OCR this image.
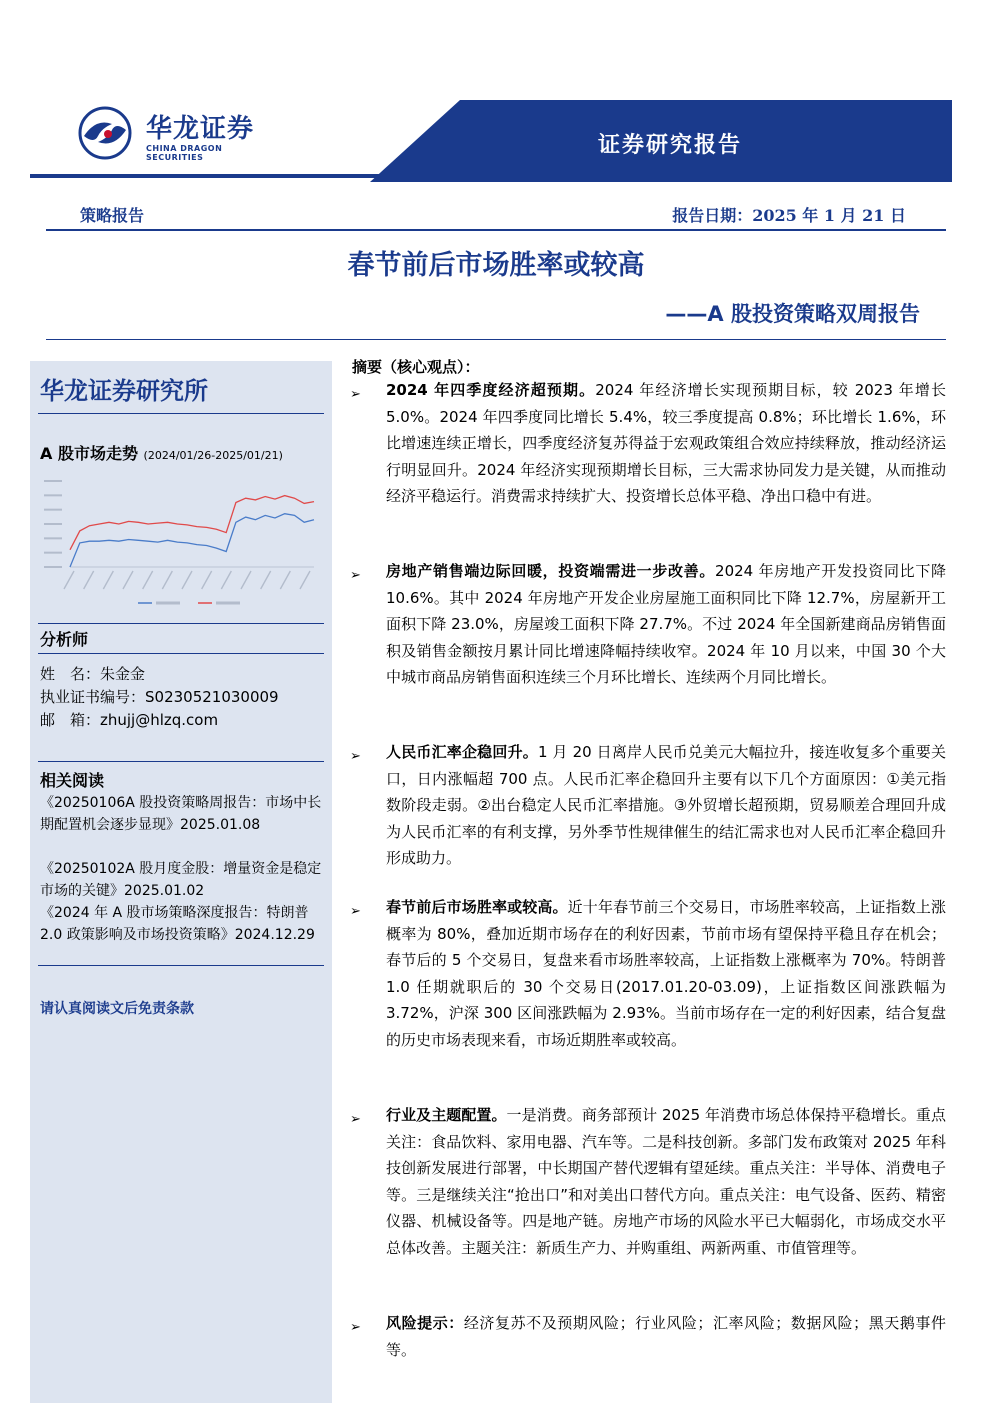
证券研究报告
华龙证券
CHINA DRAGON SECURITIES
策略报告	报告日期：2025 年 1 月 21 日
春节前后市场胜率或较高
——A 股投资策略双周报告
华龙证券研究所
A 股市场走势 (2024/01/26-2025/01/21)
分析师
姓　名：朱金金
执业证书编号：S0230521030009
邮　箱：zhujj@hlzq.com
相关阅读
《20250106A 股投资策略周报告：市场中长期配置机会逐步显现》2025.01.08
《20250102A 股月度金股：增量资金是稳定市场的关键》2025.01.02
《2024 年 A 股市场策略深度报告：特朗普 2.0 政策影响及市场投资策略》2024.12.29
请认真阅读文后免责条款
摘要（核心观点）：
➢ 2024 年四季度经济超预期。2024 年经济增长实现预期目标，较 2023 年增长 5.0%。2024 年四季度同比增长 5.4%，较三季度提高 0.8%；环比增长 1.6%，环比增速连续正增长，四季度经济复苏得益于宏观政策组合效应持续释放，推动经济运行明显回升。2024 年经济实现预期增长目标，三大需求协同发力是关键，从而推动经济平稳运行。消费需求持续扩大、投资增长总体平稳、净出口稳中有进。
➢ 房地产销售端边际回暖，投资端需进一步改善。2024 年房地产开发投资同比下降 10.6%。其中 2024 年房地产开发企业房屋施工面积同比下降 12.7%，房屋新开工面积下降 23.0%，房屋竣工面积下降 27.7%。不过 2024 年全国新建商品房销售面积及销售金额按月累计同比增速降幅持续收窄。2024 年 10 月以来，中国 30 个大中城市商品房销售面积连续三个月环比增长、连续两个月同比增长。
➢ 人民币汇率企稳回升。1 月 20 日离岸人民币兑美元大幅拉升，接连收复多个重要关口，日内涨幅超 700 点。人民币汇率企稳回升主要有以下几个方面原因：①美元指数阶段走弱。②出台稳定人民币汇率措施。③外贸增长超预期，贸易顺差合理回升成为人民币汇率的有利支撑，另外季节性规律催生的结汇需求也对人民币汇率企稳回升形成助力。
➢ 春节前后市场胜率或较高。近十年春节前三个交易日，市场胜率较高，上证指数上涨概率为 80%，叠加近期市场存在的利好因素，节前市场有望保持平稳且存在机会；春节后的 5 个交易日，复盘来看市场胜率较高，上证指数上涨概率为 70%。特朗普 1.0 任期就职后的 30 个交易日(2017.01.20-03.09)，上证指数区间涨跌幅为 3.72%，沪深 300 区间涨跌幅为 2.93%。当前市场存在一定的利好因素，结合复盘的历史市场表现来看，市场近期胜率或较高。
➢ 行业及主题配置。一是消费。商务部预计 2025 年消费市场总体保持平稳增长。重点关注：食品饮料、家用电器、汽车等。二是科技创新。多部门发布政策对 2025 年科技创新发展进行部署，中长期国产替代逻辑有望延续。重点关注：半导体、消费电子等。三是继续关注“抢出口”和对美出口替代方向。重点关注：电气设备、医药、精密仪器、机械设备等。四是地产链。房地产市场的风险水平已大幅弱化，市场成交水平总体改善。主题关注：新质生产力、并购重组、两新两重、市值管理等。
➢ 风险提示：经济复苏不及预期风险；行业风险；汇率风险；数据风险；黑天鹅事件等。
